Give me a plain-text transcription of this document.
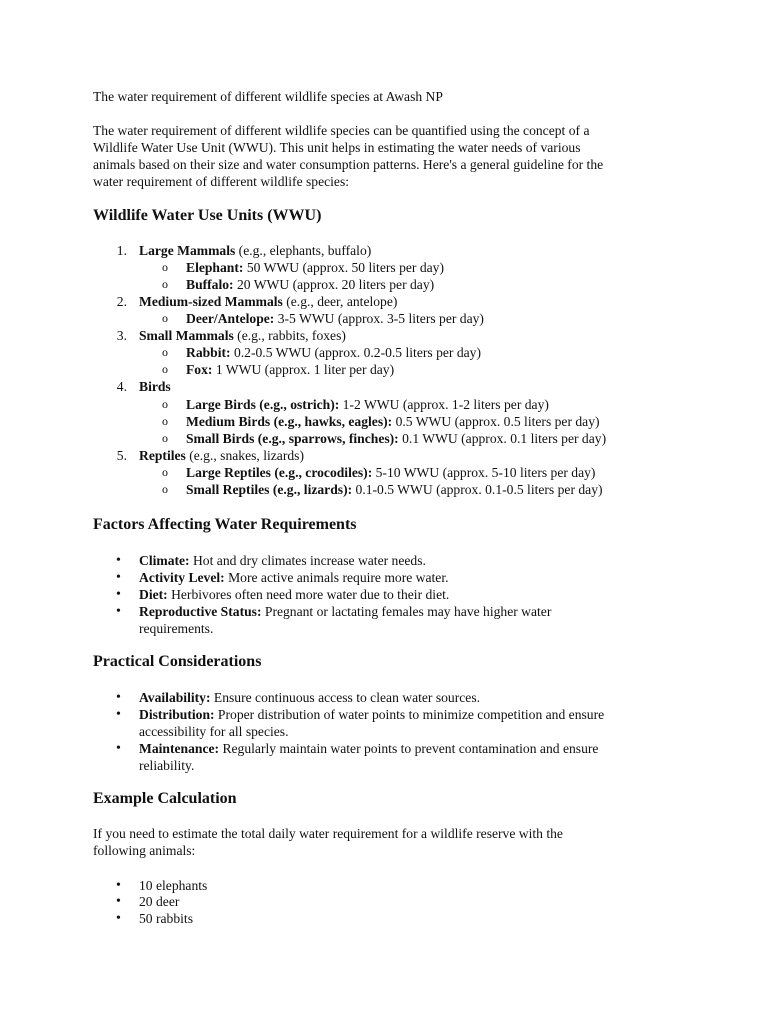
The water requirement of different wildlife species at Awash NP
The water requirement of different wildlife species can be quantified using the concept of a
Wildlife Water Use Unit (WWU). This unit helps in estimating the water needs of various
animals based on their size and water consumption patterns. Here's a general guideline for the
water requirement of different wildlife species:
Wildlife Water Use Units (WWU)
1. Large Mammals (e.g., elephants, buffalo)
o Elephant: 50 WWU (approx. 50 liters per day)
o Buffalo: 20 WWU (approx. 20 liters per day)
2. Medium-sized Mammals (e.g., deer, antelope)
o Deer/Antelope: 3-5 WWU (approx. 3-5 liters per day)
3. Small Mammals (e.g., rabbits, foxes)
o Rabbit: 0.2-0.5 WWU (approx. 0.2-0.5 liters per day)
o Fox: 1 WWU (approx. 1 liter per day)
4. Birds
o Large Birds (e.g., ostrich): 1-2 WWU (approx. 1-2 liters per day)
o Medium Birds (e.g., hawks, eagles): 0.5 WWU (approx. 0.5 liters per day)
o Small Birds (e.g., sparrows, finches): 0.1 WWU (approx. 0.1 liters per day)
5. Reptiles (e.g., snakes, lizards)
o Large Reptiles (e.g., crocodiles): 5-10 WWU (approx. 5-10 liters per day)
o Small Reptiles (e.g., lizards): 0.1-0.5 WWU (approx. 0.1-0.5 liters per day)
Factors Affecting Water Requirements
• Climate: Hot and dry climates increase water needs.
• Activity Level: More active animals require more water.
• Diet: Herbivores often need more water due to their diet.
• Reproductive Status: Pregnant or lactating females may have higher water
requirements.
Practical Considerations
• Availability: Ensure continuous access to clean water sources.
• Distribution: Proper distribution of water points to minimize competition and ensure
accessibility for all species.
• Maintenance: Regularly maintain water points to prevent contamination and ensure
reliability.
Example Calculation
If you need to estimate the total daily water requirement for a wildlife reserve with the
following animals:
• 10 elephants
• 20 deer
• 50 rabbits
